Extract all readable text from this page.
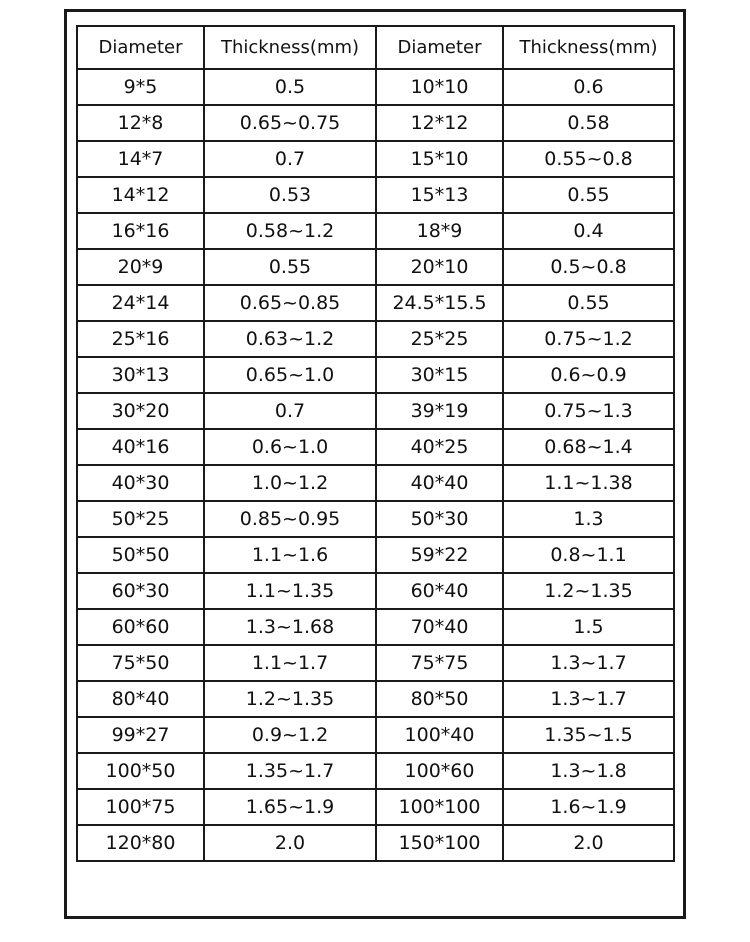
Diameter	Thickness(mm)	Diameter	Thickness(mm)
9*5	0.5	10*10	0.6
12*8	0.65~0.75	12*12	0.58
14*7	0.7	15*10	0.55~0.8
14*12	0.53	15*13	0.55
16*16	0.58~1.2	18*9	0.4
20*9	0.55	20*10	0.5~0.8
24*14	0.65~0.85	24.5*15.5	0.55
25*16	0.63~1.2	25*25	0.75~1.2
30*13	0.65~1.0	30*15	0.6~0.9
30*20	0.7	39*19	0.75~1.3
40*16	0.6~1.0	40*25	0.68~1.4
40*30	1.0~1.2	40*40	1.1~1.38
50*25	0.85~0.95	50*30	1.3
50*50	1.1~1.6	59*22	0.8~1.1
60*30	1.1~1.35	60*40	1.2~1.35
60*60	1.3~1.68	70*40	1.5
75*50	1.1~1.7	75*75	1.3~1.7
80*40	1.2~1.35	80*50	1.3~1.7
99*27	0.9~1.2	100*40	1.35~1.5
100*50	1.35~1.7	100*60	1.3~1.8
100*75	1.65~1.9	100*100	1.6~1.9
120*80	2.0	150*100	2.0
